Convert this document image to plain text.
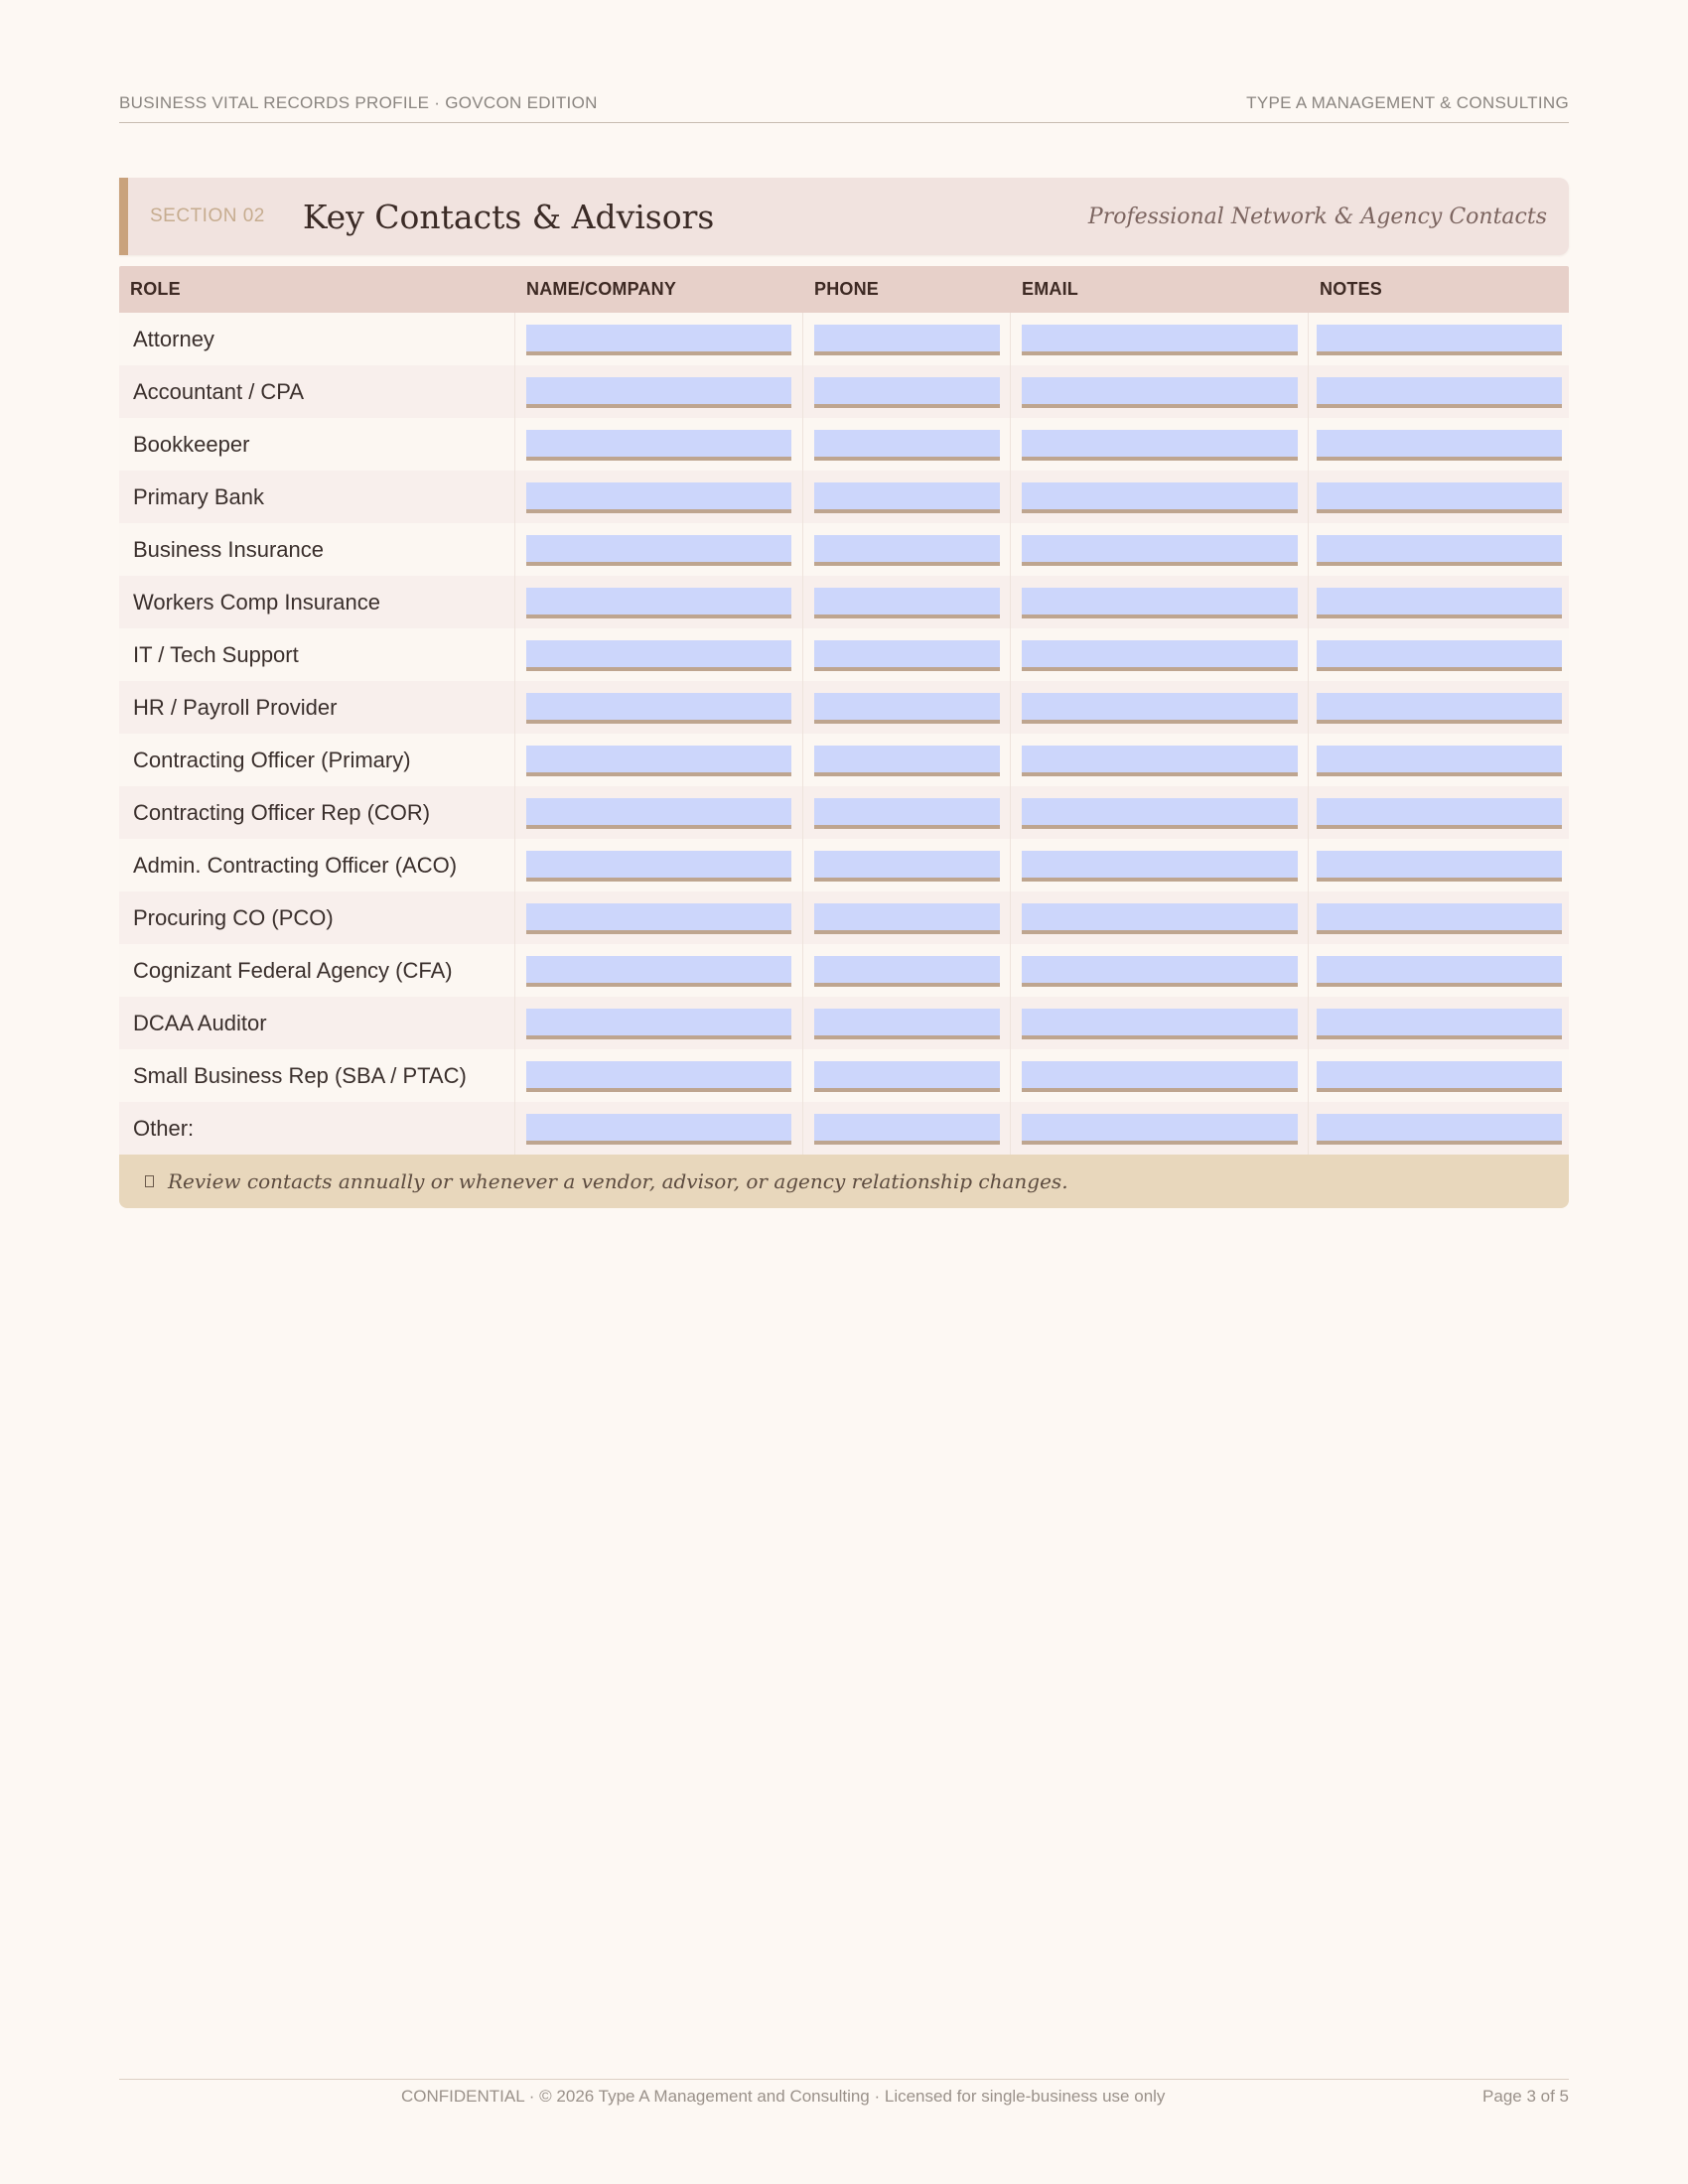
BUSINESS VITAL RECORDS PROFILE · GOVCON EDITION	TYPE A MANAGEMENT & CONSULTING
SECTION 02 Key Contacts & Advisors	Professional Network & Agency Contacts
ROLE	NAME/COMPANY	PHONE	EMAIL	NOTES
Attorney
Accountant / CPA
Bookkeeper
Primary Bank
Business Insurance
Workers Comp Insurance
IT / Tech Support
HR / Payroll Provider
Contracting Officer (Primary)
Contracting Officer Rep (COR)
Admin. Contracting Officer (ACO)
Procuring CO (PCO)
Cognizant Federal Agency (CFA)
DCAA Auditor
Small Business Rep (SBA / PTAC)
Other:
Review contacts annually or whenever a vendor, advisor, or agency relationship changes.
CONFIDENTIAL · © 2026 Type A Management and Consulting · Licensed for single-business use only	Page 3 of 5
